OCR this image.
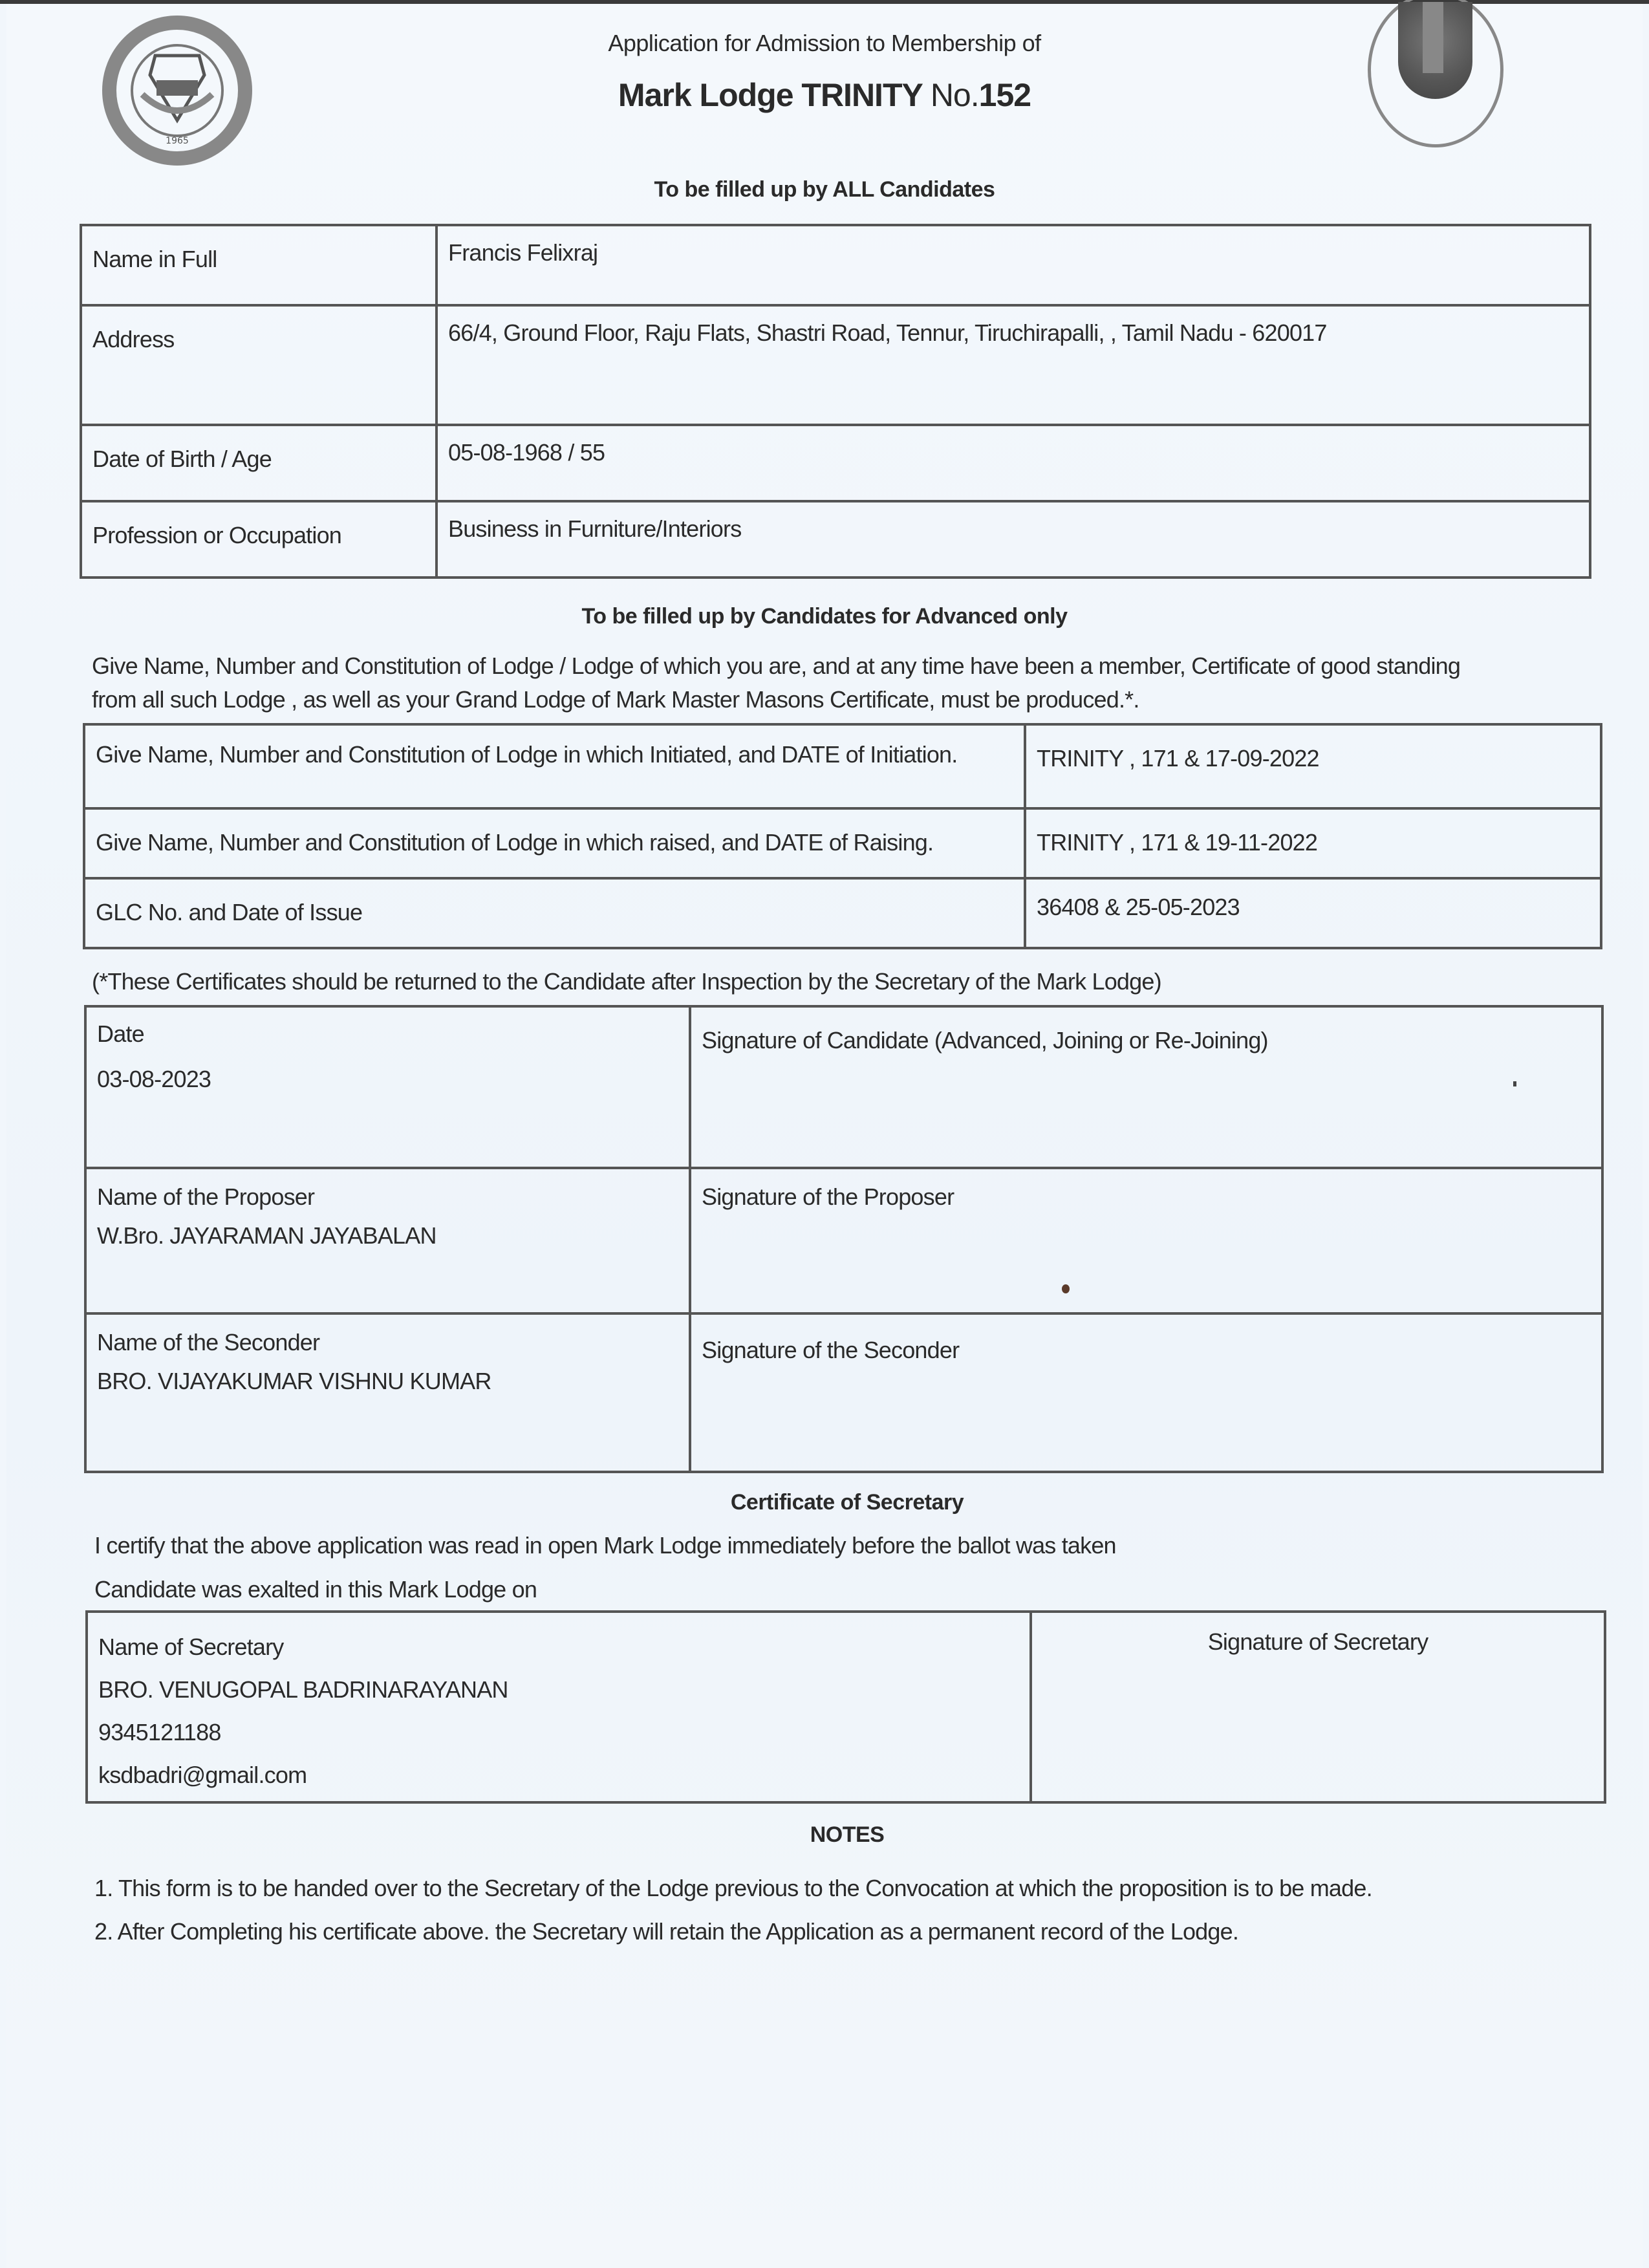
1965
Application for Admission to Membership of
Mark Lodge TRINITY No.152
To be filled up by ALL Candidates
Name in Full	Francis Felixraj
Address	66/4, Ground Floor, Raju Flats, Shastri Road, Tennur, Tiruchirapalli, , Tamil Nadu - 620017
Date of Birth / Age	05-08-1968 / 55
Profession or Occupation	Business in Furniture/Interiors
To be filled up by Candidates for Advanced only
Give Name, Number and Constitution of Lodge / Lodge of which you are, and at any time have been a member, Certificate of good standing
from all such Lodge , as well as your Grand Lodge of Mark Master Masons Certificate, must be produced.*.
Give Name, Number and Constitution of Lodge in which Initiated, and DATE of Initiation.	TRINITY , 171 & 17-09-2022
Give Name, Number and Constitution of Lodge in which raised, and DATE of Raising.	TRINITY , 171 & 19-11-2022
GLC No. and Date of Issue	36408 & 25-05-2023
(*These Certificates should be returned to the Candidate after Inspection by the Secretary of the Mark Lodge)
Date
03-08-2023	Signature of Candidate (Advanced, Joining or Re-Joining)

Name of the Proposer
W.Bro. JAYARAMAN JAYABALAN	Signature of the Proposer

Name of the Seconder
BRO. VIJAYAKUMAR VISHNU KUMAR	Signature of the Seconder
Certificate of Secretary
I certify that the above application was read in open Mark Lodge immediately before the ballot was taken
Candidate was exalted in this Mark Lodge on
Name of Secretary
BRO. VENUGOPAL BADRINARAYANAN
9345121188
ksdbadri@gmail.com
	Signature of Secretary
NOTES
1. This form is to be handed over to the Secretary of the Lodge previous to the Convocation at which the proposition is to be made.
2. After Completing his certificate above. the Secretary will retain the Application as a permanent record of the Lodge.
